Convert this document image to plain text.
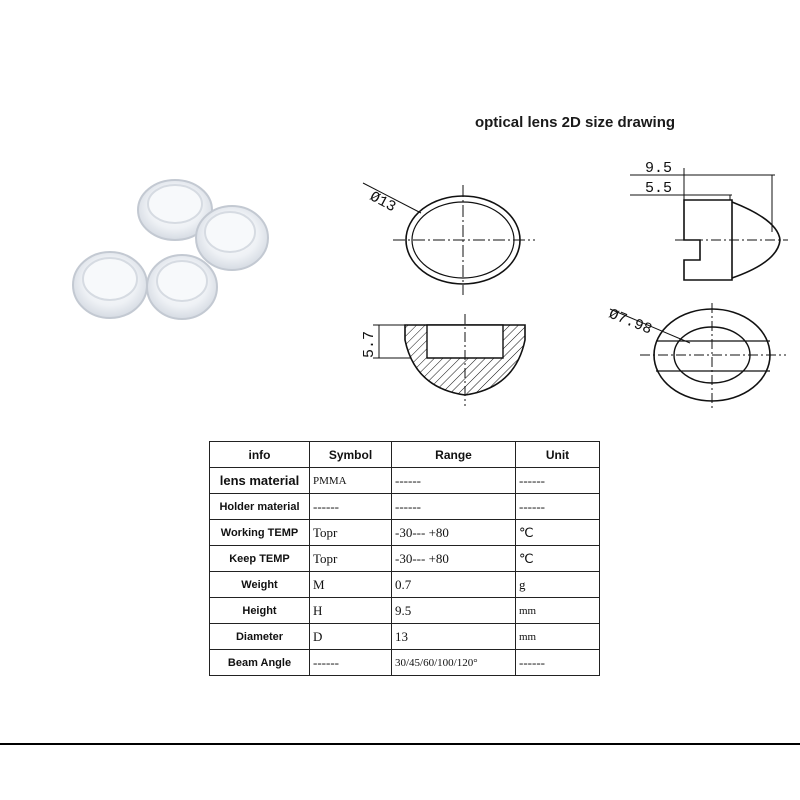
optical lens 2D size drawing
Ø13
9.5
5.5
5.7
Ø7.98
info	Symbol	Range	Unit
lens material	PMMA	------	------
Holder material	------	------	------
Working TEMP	Topr	-30--- +80	℃
Keep TEMP	Topr	-30--- +80	℃
Weight	M	0.7	g
Height	H	9.5	mm
Diameter	D	13	mm
Beam Angle	------	30/45/60/100/120°	------
